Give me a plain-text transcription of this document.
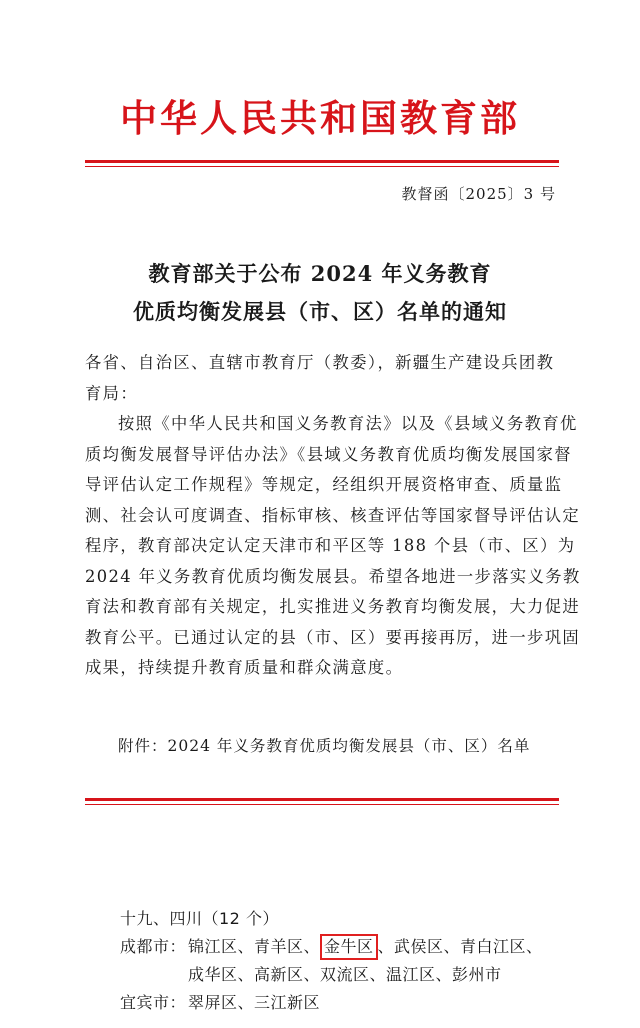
中华人民共和国教育部
教督函〔2025〕3 号
教育部关于公布 2024 年义务教育
优质均衡发展县（市、区）名单的通知
各省、自治区、直辖市教育厅（教委），新疆生产建设兵团教
育局：
按照《中华人民共和国义务教育法》以及《县域义务教育优
质均衡发展督导评估办法》《县域义务教育优质均衡发展国家督
导评估认定工作规程》等规定，经组织开展资格审查、质量监
测、社会认可度调查、指标审核、核查评估等国家督导评估认定
程序，教育部决定认定天津市和平区等 188 个县（市、区）为
2024 年义务教育优质均衡发展县。希望各地进一步落实义务教
育法和教育部有关规定，扎实推进义务教育均衡发展，大力促进
教育公平。已通过认定的县（市、区）要再接再厉，进一步巩固
成果，持续提升教育质量和群众满意度。
附件：2024 年义务教育优质均衡发展县（市、区）名单
十九、四川（12 个）
成都市： 锦江区、青羊区、 金牛区 、武侯区、青白江区、
成华区、高新区、双流区、温江区、彭州市
宜宾市： 翠屏区、三江新区
